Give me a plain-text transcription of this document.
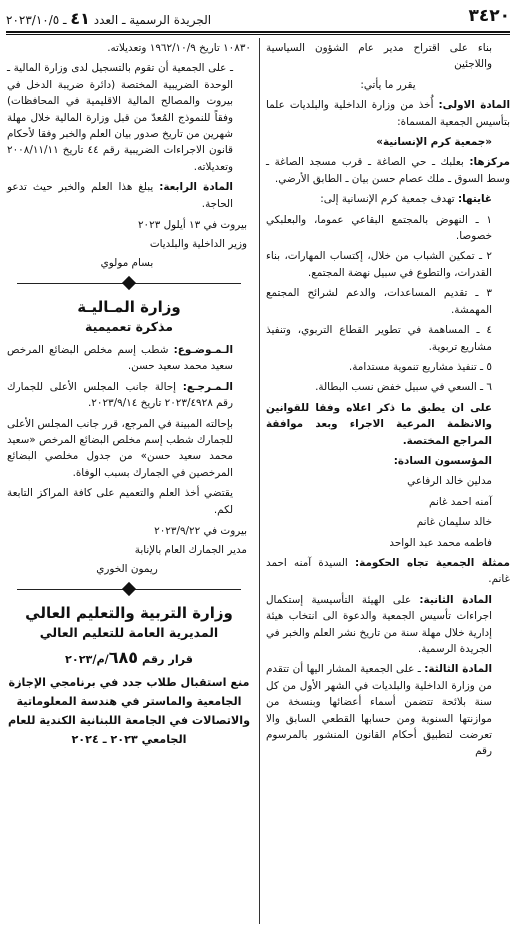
٣٤٢٠
الجريدة الرسمية ـ العدد ٤١ ـ ٢٠٢٣/١٠/٥

بناء على اقتراح مدير عام الشؤون السياسية واللاجئين

يقرر ما يأتي:

المادة الاولى: أُخذ من وزارة الداخلية والبلديات علما بتأسيس الجمعية المسماة:

«جمعية كرم الإنسانية»

مركزها: بعلبك ـ حي الصاغة ـ قرب مسجد الصاغة ـ وسط السوق ـ ملك عصام حسن بيان ـ الطابق الأرضي.

غايتها: تهدف جمعية كرم الإنسانية إلى:

١ ـ النهوض بالمجتمع البقاعي عموما، والبعلبكي خصوصا.

٢ ـ تمكين الشباب من خلال، إكتساب المهارات، بناء القدرات، والتطوع في سبيل نهضة المجتمع.

٣ ـ تقديم المساعدات، والدعم لشرائح المجتمع المهمشة.

٤ ـ المساهمة في تطوير القطاع التربوي، وتنفيذ مشاريع تربوية.

٥ ـ تنفيذ مشاريع تنموية مستدامة.

٦ ـ السعي في سبيل خفض نسب البطالة.

على ان يطبق ما ذكر اعلاه وفقا للقوانين والانظمة المرعية الاجراء وبعد موافقة المراجع المختصة.

المؤسسون السادة:

مدلين خالد الرفاعي

آمنه احمد غانم

خالد سليمان غانم

فاطمه محمد عبد الواحد

ممثلة الجمعية تجاه الحكومة: السيدة آمنه احمد غانم.

المادة الثانية: على الهيئة التأسيسية إستكمال اجراءات تأسيس الجمعية والدعوة الى انتخاب هيئة إدارية خلال مهلة سنة من تاريخ نشر العلم والخبر في الجريدة الرسمية.

المادة الثالثة: ـ على الجمعية المشار اليها أن تتقدم من وزارة الداخلية والبلديات في الشهر الأول من كل سنة بلائحة تتضمن أسماء أعضائها وبنسخة من موازنتها السنوية ومن حسابها القطعي السابق والا تعرضت لتطبيق أحكام القانون المنشور بالمرسوم رقم

١٠٨٣٠ تاريخ ١٩٦٢/١٠/٩ وتعديلاته.

ـ على الجمعية أن تقوم بالتسجيل لدى وزارة المالية ـ الوحدة الضريبية المختصة (دائرة ضريبة الدخل في بيروت والمصالح المالية الاقليمية في المحافظات) وفقاً للنموذج المُعدّ من قبل وزارة المالية خلال مهلة شهرين من تاريخ صدور بيان العلم والخبر وفقا لأحكام قانون الاجراءات الضريبية رقم ٤٤ تاريخ ٢٠٠٨/١١/١١ وتعديلاته.

المادة الرابعة: يبلغ هذا العلم والخبر حيث تدعو الحاجة.

بيروت في ١٣ أيلول ٢٠٢٣
وزير الداخلية والبلديات
بسام مولوي
وزارة المـاليـة
مذكرة تعميمية

الـمـوضـوع: شطب إسم مخلص البضائع المرخص سعيد محمد سعيد حسن.

الـمـرجـع: إحالة جانب المجلس الأعلى للجمارك رقم ٢٠٢٣/٤٩٢٨ تاريخ ٢٠٢٣/٩/١٤.

بإحالته المبينة في المرجع، قرر جانب المجلس الأعلى للجمارك شطب إسم مخلص البضائع المرخص «سعيد محمد سعيد حسن» من جدول مخلصي البضائع المرخصين في الجمارك بسبب الوفاة.

يقتضي أخذ العلم والتعميم على كافة المراكز التابعة لكم.

بيروت في ٢٠٢٣/٩/٢٢
مدير الجمارك العام بالإنابة
ريمون الخوري
وزارة التربية والتعليم العالي
المديرية العامة للتعليم العالي

قرار رقم ٦٨٥/م/٢٠٢٣

منع استقبال طلاب جدد في برنامجي الإجازة الجامعية والماستر في هندسة المعلوماتية والاتصالات في الجامعة اللبنانية الكندية للعام الجامعي ٢٠٢٣ ـ ٢٠٢٤
